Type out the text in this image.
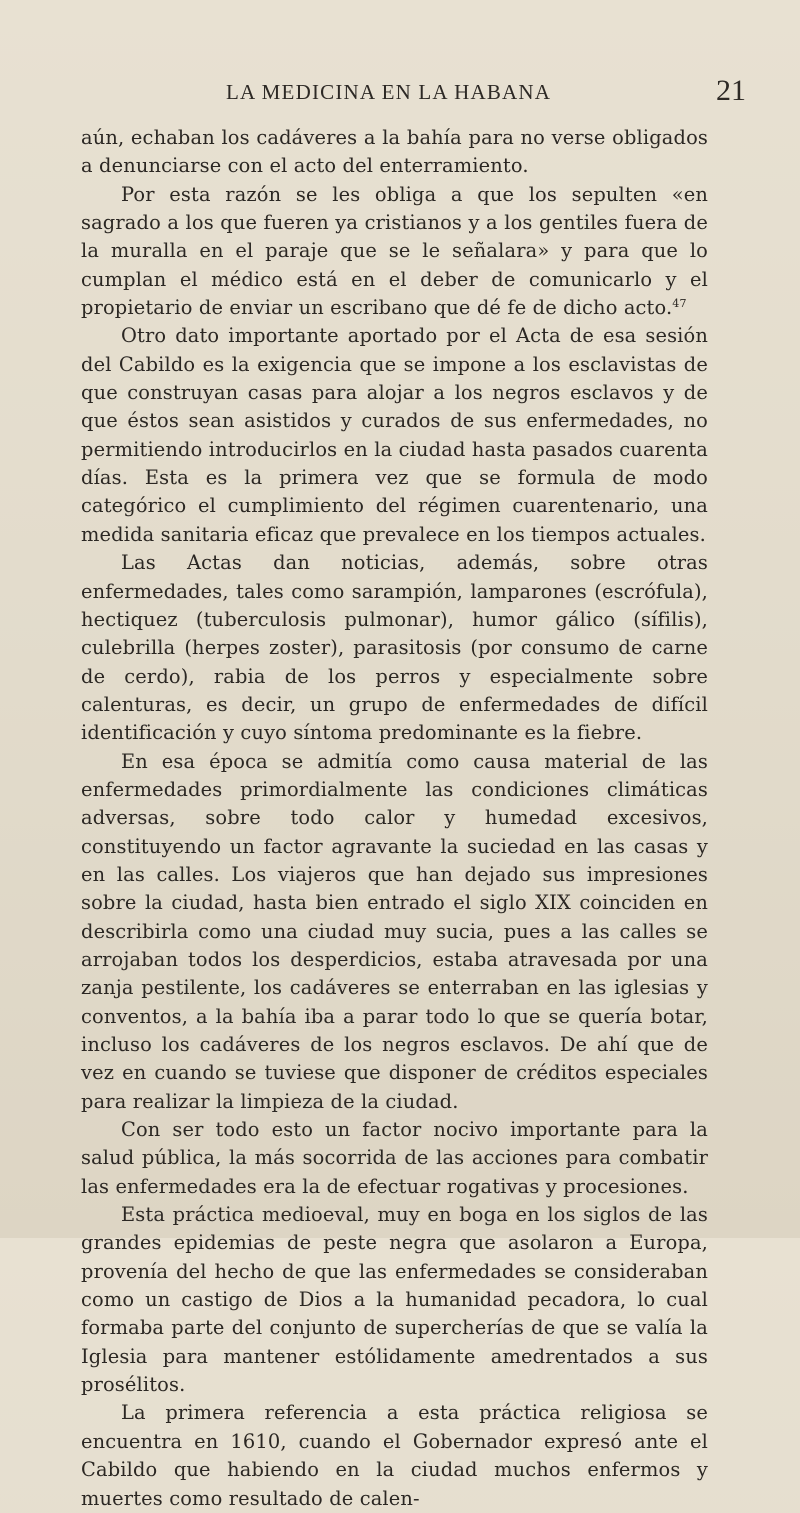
LA MEDICINA EN LA HABANA	21

aún, echaban los cadáveres a la bahía para no verse obligados a denunciarse con el acto del enterramiento.

Por esta razón se les obliga a que los sepulten «en sagrado a los que fueren ya cristianos y a los gentiles fuera de la muralla en el paraje que se le señalara» y para que lo cumplan el médico está en el deber de comunicarlo y el propietario de enviar un escribano que dé fe de dicho acto.$^{47}$

Otro dato importante aportado por el Acta de esa sesión del Cabildo es la exigencia que se impone a los esclavistas de que construyan casas para alojar a los negros esclavos y de que éstos sean asistidos y curados de sus enfermedades, no permitiendo introducirlos en la ciudad hasta pasados cuarenta días. Esta es la primera vez que se formula de modo categórico el cumplimiento del régimen cuarentenario, una medida sanitaria eficaz que prevalece en los tiempos actuales.

Las Actas dan noticias, además, sobre otras enfermedades, tales como sarampión, lamparones (escrófula), hectiquez (tuberculosis pulmonar), humor gálico (sífilis), culebrilla (herpes zoster), parasitosis (por consumo de carne de cerdo), rabia de los perros y especialmente sobre calenturas, es decir, un grupo de enfermedades de difícil identificación y cuyo síntoma predominante es la fiebre.

En esa época se admitía como causa material de las enfermedades primordialmente las condiciones climáticas adversas, sobre todo calor y humedad excesivos, constituyendo un factor agravante la suciedad en las casas y en las calles. Los viajeros que han dejado sus impresiones sobre la ciudad, hasta bien entrado el siglo XIX coinciden en describirla como una ciudad muy sucia, pues a las calles se arrojaban todos los desperdicios, estaba atravesada por una zanja pestilente, los cadáveres se enterraban en las iglesias y conventos, a la bahía iba a parar todo lo que se quería botar, incluso los cadáveres de los negros esclavos. De ahí que de vez en cuando se tuviese que disponer de créditos especiales para realizar la limpieza de la ciudad.

Con ser todo esto un factor nocivo importante para la salud pública, la más socorrida de las acciones para combatir las enfermedades era la de efectuar rogativas y procesiones.

Esta práctica medioeval, muy en boga en los siglos de las grandes epidemias de peste negra que asolaron a Europa, provenía del hecho de que las enfermedades se consideraban como un castigo de Dios a la humanidad pecadora, lo cual formaba parte del conjunto de supercherías de que se valía la Iglesia para mantener estólidamente amedrentados a sus prosélitos.

La primera referencia a esta práctica religiosa se encuentra en 1610, cuando el Gobernador expresó ante el Cabildo que habiendo en la ciudad muchos enfermos y muertes como resultado de calen-
